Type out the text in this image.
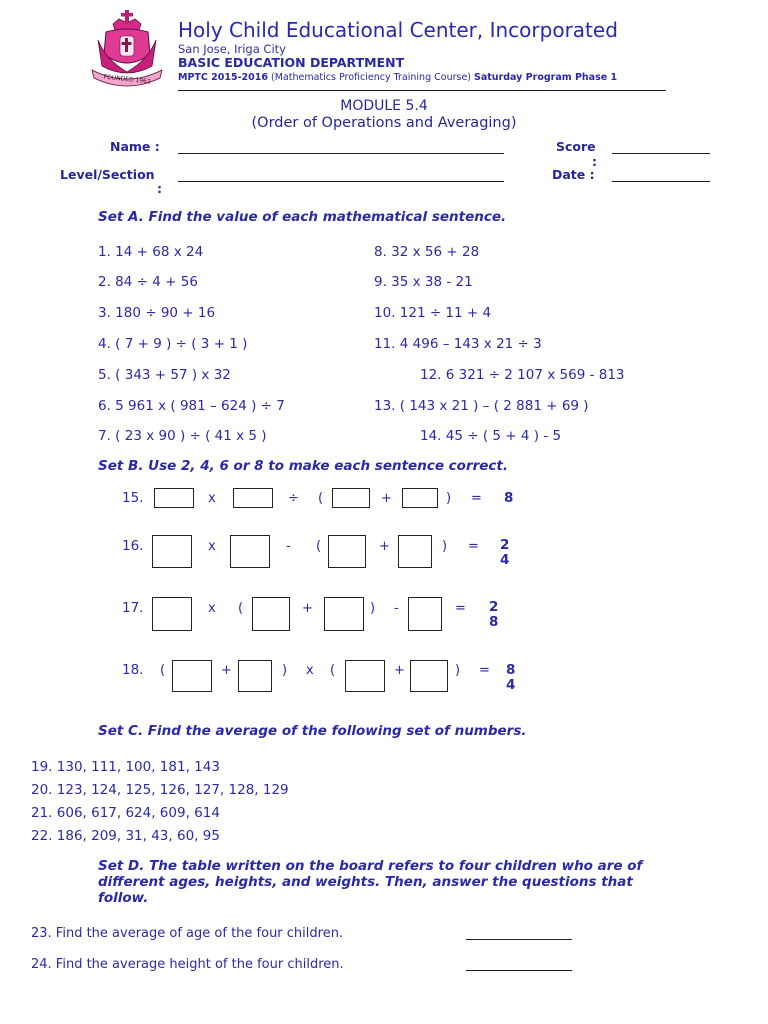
FOUNDED 1962
Holy Child Educational Center, Incorporated
San Jose, Iriga City
BASIC EDUCATION DEPARTMENT
MPTC 2015-2016 (Mathematics Proficiency Training Course) Saturday Program Phase 1
MODULE 5.4
(Order of Operations and Averaging)
Name :	Score
:
Level/Section
:
Date :
Set A. Find the value of each mathematical sentence.
1. 14 + 68 x 24
2. 84 ÷ 4 + 56
3. 180 ÷ 90 + 16
4. ( 7 + 9 ) ÷ ( 3 + 1 )
5. ( 343 + 57 ) x 32
6. 5 961 x ( 981 – 624 ) ÷ 7
7. ( 23 x 90 ) ÷ ( 41 x 5 )
8. 32 x 56 + 28
9. 35 x 38 - 21
10. 121 ÷ 11 + 4
11. 4 496 – 143 x 21 ÷ 3
12. 6 321 ÷ 2 107 x 569 - 813
13. ( 143 x 21 ) – ( 2 881 + 69 )
14. 45 ÷ ( 5 + 4 ) - 5
Set B. Use 2, 4, 6 or 8 to make each sentence correct.
15.	x	÷ (	+	) = 8
16.	x	- (	+	) = 2
4
17.	x (	+	) -	= 2
8
18. (	+	) x (	+	) = 8
4
Set C. Find the average of the following set of numbers.
19. 130, 111, 100, 181, 143
20. 123, 124, 125, 126, 127, 128, 129
21. 606, 617, 624, 609, 614
22. 186, 209, 31, 43, 60, 95
Set D. The table written on the board refers to four children who are of
different ages, heights, and weights. Then, answer the questions that
follow.
23. Find the average of age of the four children.
24. Find the average height of the four children.
